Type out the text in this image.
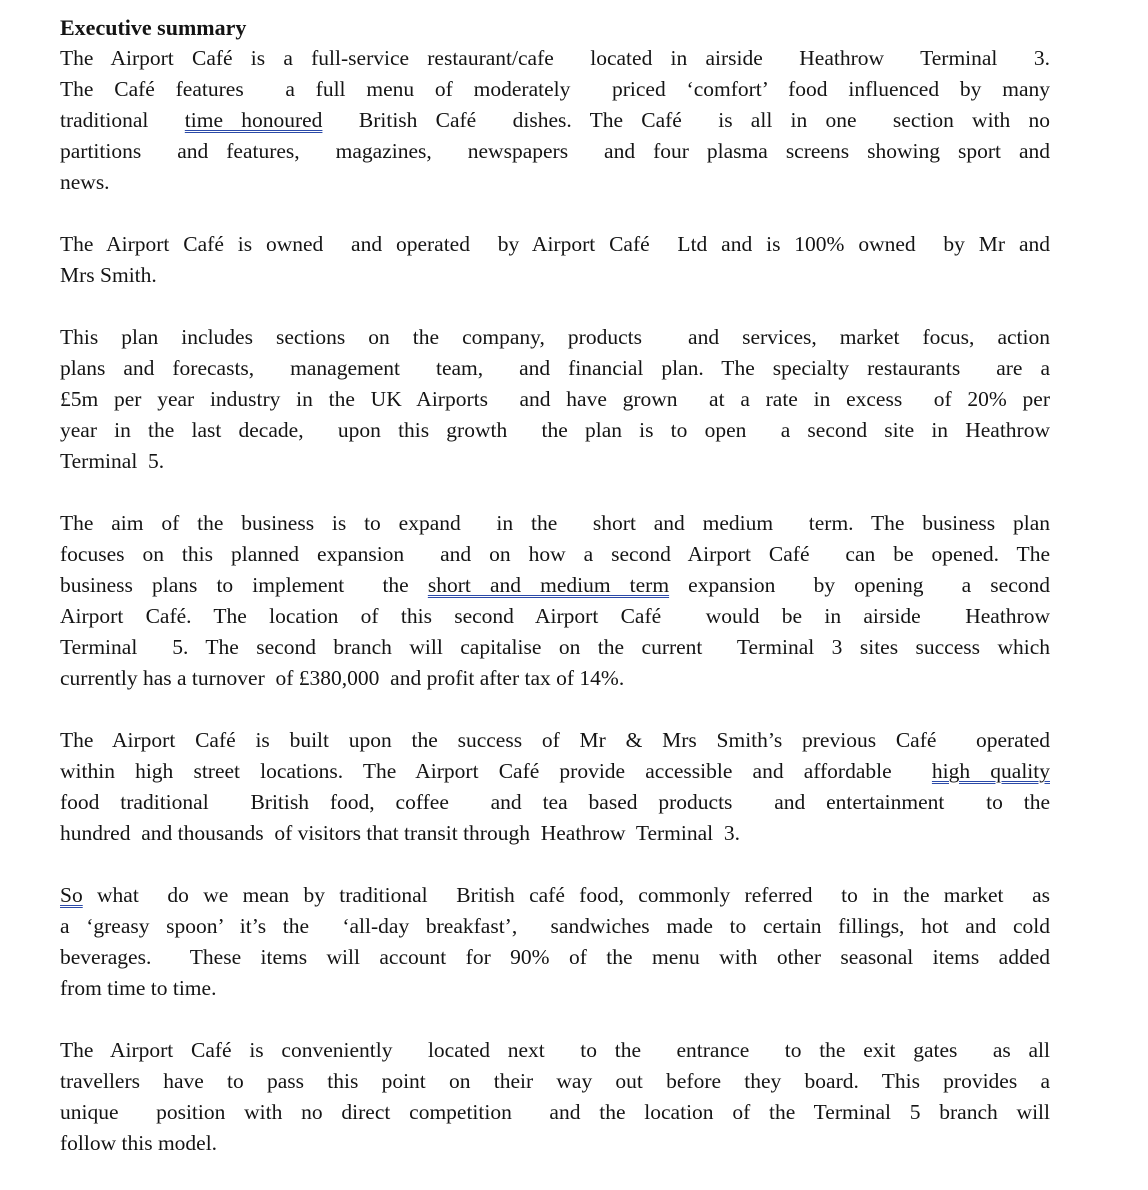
Executive summary
The Airport Café is a full-service restaurant/cafe  located in airside  Heathrow  Terminal  3.
The Café features  a full menu of moderately  priced ‘comfort’ food influenced by many
traditional  time honoured  British Café  dishes. The Café  is all in one  section with no
partitions  and features,  magazines,  newspapers  and four plasma screens showing sport and
news.
The Airport Café is owned  and operated  by Airport Café  Ltd and is 100% owned  by Mr and
Mrs Smith.
This plan includes sections on the company, products  and services, market focus, action
plans and forecasts,  management  team,  and financial plan. The specialty restaurants  are a
£5m per year industry in the UK Airports  and have grown  at a rate in excess  of 20% per
year in the last decade,  upon this growth  the plan is to open  a second site in Heathrow
Terminal  5.
The aim of the business is to expand  in the  short and medium  term. The business plan
focuses on this planned expansion  and on how a second Airport Café  can be opened. The
business plans to implement  the short and medium term expansion  by opening  a second
Airport Café. The location of this second Airport Café  would be in airside  Heathrow
Terminal  5. The second branch will capitalise on the current  Terminal 3 sites success which
currently has a turnover  of £380,000  and profit after tax of 14%.
The Airport Café is built upon the success of Mr & Mrs Smith’s previous Café  operated
within high street locations. The Airport Café provide accessible and affordable  high quality
food traditional  British food, coffee  and tea based products  and entertainment  to the
hundred  and thousands  of visitors that transit through  Heathrow  Terminal  3.
So what  do we mean by traditional  British café food, commonly referred  to in the market  as
a ‘greasy spoon’ it’s the  ‘all-day breakfast’,  sandwiches made to certain fillings, hot and cold
beverages.  These items will account for 90% of the menu with other seasonal items added
from time to time.
The Airport Café is conveniently  located next  to the  entrance  to the exit gates  as all
travellers have to pass this point on their way out before they board. This provides a
unique  position with no direct competition  and the location of the Terminal 5 branch will
follow this model.
